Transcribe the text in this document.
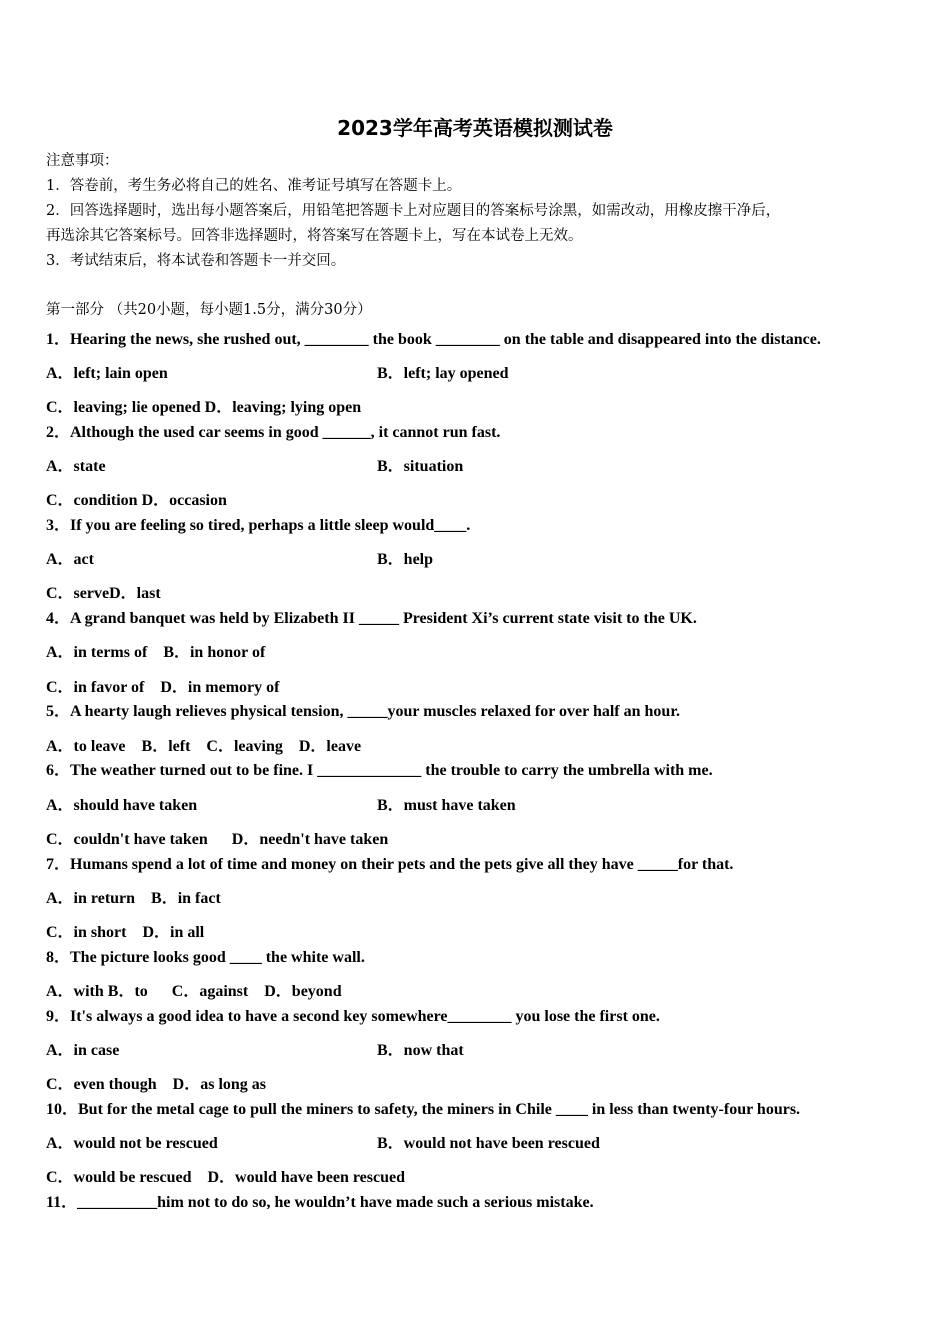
2023学年高考英语模拟测试卷
注意事项：
1．答卷前，考生务必将自己的姓名、准考证号填写在答题卡上。
2．回答选择题时，选出每小题答案后，用铅笔把答题卡上对应题目的答案标号涂黑，如需改动，用橡皮擦干净后，
再选涂其它答案标号。回答非选择题时，将答案写在答题卡上，写在本试卷上无效。
3．考试结束后，将本试卷和答题卡一并交回。
第一部分 （共20小题，每小题1.5分，满分30分）
1．Hearing the news, she rushed out, ________ the book ________ on the table and disappeared into the distance.
A．left; lain open	B．left; lay opened
C．leaving; lie opened D．leaving; lying open
2．Although the used car seems in good ______, it cannot run fast.
A．state	B．situation
C．condition D．occasion
3．If you are feeling so tired, perhaps a little sleep would____.
A．act	B．help
C．serveD．last
4．A grand banquet was held by Elizabeth II _____ President Xi’s current state visit to the UK.
A．in terms of    B．in honor of
C．in favor of    D．in memory of
5．A hearty laugh relieves physical tension, _____your muscles relaxed for over half an hour.
A．to leave    B．left    C．leaving    D．leave
6．The weather turned out to be fine. I _____________ the trouble to carry the umbrella with me.
A．should have taken	B．must have taken
C．couldn't have taken      D．needn't have taken
7．Humans spend a lot of time and money on their pets and the pets give all they have _____for that.
A．in return    B．in fact
C．in short    D．in all
8．The picture looks good ____ the white wall.
A．with B．to      C．against    D．beyond
9．It's always a good idea to have a second key somewhere________ you lose the first one.
A．in case	B．now that
C．even though    D．as long as
10．But for the metal cage to pull the miners to safety, the miners in Chile ____ in less than twenty-four hours.
A．would not be rescued	B．would not have been rescued
C．would be rescued    D．would have been rescued
11．__________him not to do so, he wouldn’t have made such a serious mistake.
